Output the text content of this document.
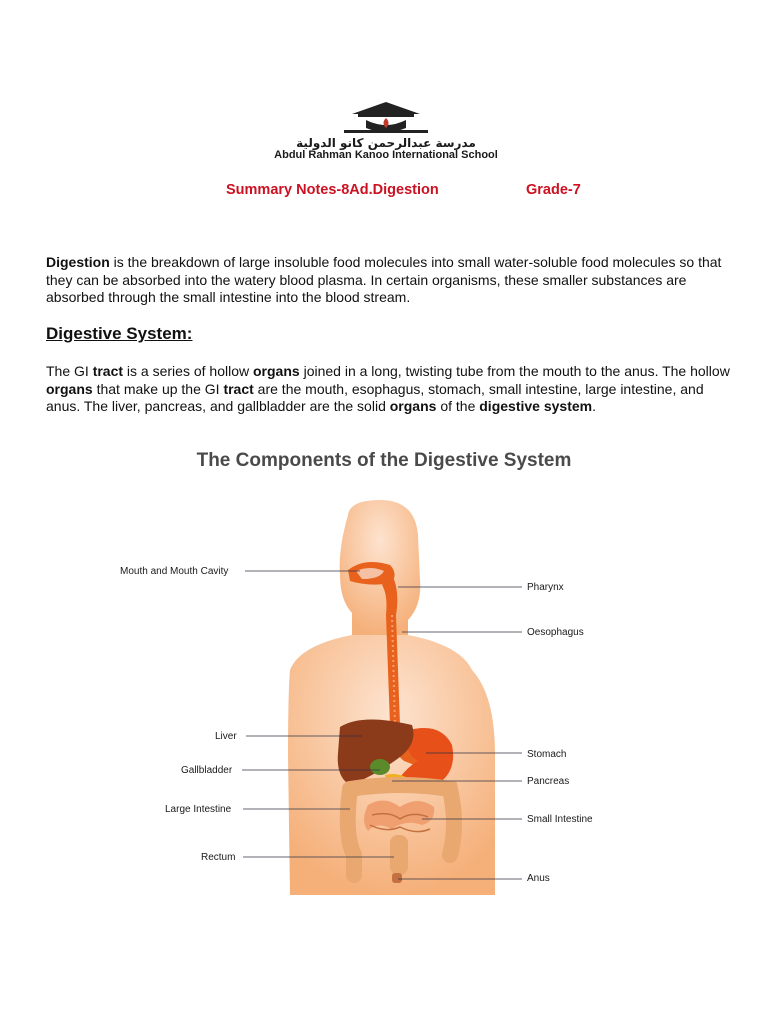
مدرسة عبدالرحمن كانو الدولية
Abdul Rahman Kanoo International School
Summary Notes-8Ad.Digestion	Grade-7
Digestion is the breakdown of large insoluble food molecules into small water-soluble food molecules so that they can be absorbed into the watery blood plasma. In certain organisms, these smaller substances are absorbed through the small intestine into the blood stream.
Digestive System:
The GI tract is a series of hollow organs joined in a long, twisting tube from the mouth to the anus. The hollow organs that make up the GI tract are the mouth, esophagus, stomach, small intestine, large intestine, and anus. The liver, pancreas, and gallbladder are the solid organs of the digestive system.
The Components of the Digestive System
Mouth and Mouth Cavity
Liver
Gallbladder
Large Intestine
Rectum
Pharynx
Oesophagus
Stomach
Pancreas
Small Intestine
Anus
